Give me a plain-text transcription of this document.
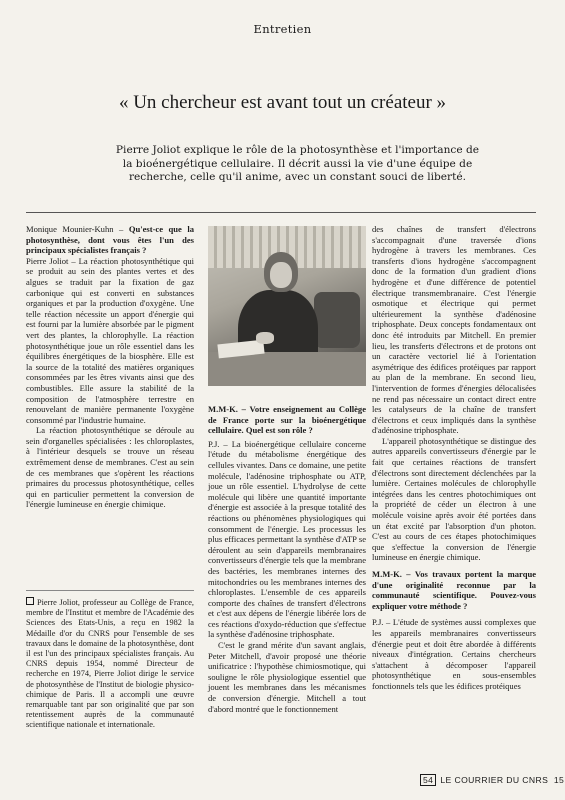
Entretien
« Un chercheur est avant tout un créateur »

Pierre Joliot explique le rôle de la photosynthèse et l'importance de la bioénergétique cellulaire. Il décrit aussi la vie d'une équipe de recherche, celle qu'il anime, avec un constant souci de liberté.

Monique Mounier-Kuhn – Qu'est-ce que la photosynthèse, dont vous êtes l'un des principaux spécialistes français ?

Pierre Joliot – La réaction photosynthétique qui se produit au sein des plantes vertes et des algues se traduit par la fixation de gaz carbonique qui est converti en substances organiques et par la production d'oxygène. Une telle réaction nécessite un apport d'énergie qui est fourni par la lumière absorbée par le pigment vert des plantes, la chlorophylle. La réaction photosynthétique joue un rôle essentiel dans les équilibres énergétiques de la biosphère. Elle est la source de la totalité des matières organiques consommées par les êtres vivants ainsi que des combustibles. Elle assure la stabilité de la composition de l'atmosphère terrestre en renouvelant de manière permanente l'oxygène consommé par l'industrie humaine.

La réaction photosynthétique se déroule au sein d'organelles spécialisées : les chloroplastes, à l'intérieur desquels se trouve un réseau extrêmement dense de membranes. C'est au sein de ces membranes que s'opèrent les réactions primaires du processus photosynthétique, celles qui en particulier permettent la conversion de l'énergie lumineuse en énergie chimique.

Pierre Joliot, professeur au Collège de France, membre de l'Institut et membre de l'Académie des Sciences des Etats-Unis, a reçu en 1982 la Médaille d'or du CNRS pour l'ensemble de ses travaux dans le domaine de la photosynthèse, dont il est l'un des principaux spécialistes français. Au CNRS depuis 1954, nommé Directeur de recherche en 1974, Pierre Joliot dirige le service de photosynthèse de l'Institut de biologie physico-chimique de Paris. Il a accompli une œuvre remarquable tant par son originalité que par son retentissement auprès de la communauté scientifique nationale et internationale.

M.M-K. – Votre enseignement au Collège de France porte sur la bioénergétique cellulaire. Quel est son rôle ?

P.J. – La bioénergétique cellulaire concerne l'étude du métabolisme énergétique des cellules vivantes. Dans ce domaine, une petite molécule, l'adénosine triphosphate ou ATP, joue un rôle essentiel. L'hydrolyse de cette molécule qui libère une quantité importante d'énergie est associée à la presque totalité des réactions ou phénomènes physiologiques qui consomment de l'énergie. Les processus les plus efficaces permettant la synthèse d'ATP se déroulent au sein d'appareils membranaires convertisseurs d'énergie tels que la membrane des bactéries, les membranes internes des mitochondries ou les membranes internes des chloroplastes. L'ensemble de ces appareils comporte des chaînes de transfert d'électrons et c'est aux dépens de l'énergie libérée lors de ces réactions d'oxydo-réduction que s'effectue la synthèse d'adénosine triphosphate.

C'est le grand mérite d'un savant anglais, Peter Mitchell, d'avoir proposé une théorie unificatrice : l'hypothèse chimiosmotique, qui souligne le rôle physiologique essentiel que jouent les membranes dans les mécanismes de conversion d'énergie. Mitchell a tout d'abord montré que le fonctionnement

des chaînes de transfert d'électrons s'accompagnait d'une traversée d'ions hydrogène à travers les membranes. Ces transferts d'ions hydrogène s'accompagnent donc de la formation d'un gradient d'ions hydrogène et d'une différence de potentiel électrique transmembranaire. C'est l'énergie osmotique et électrique qui permet ultérieurement la synthèse d'adénosine triphosphate. Deux concepts fondamentaux ont donc été introduits par Mitchell. En premier lieu, les transferts d'électrons et de protons ont un caractère vectoriel lié à l'orientation asymétrique des édifices protéiques par rapport au plan de la membrane. En second lieu, l'intervention de formes d'énergies délocalisées ne rend pas nécessaire un contact direct entre les catalyseurs de la chaîne de transfert d'électrons et ceux impliqués dans la synthèse d'adénosine triphosphate.

L'appareil photosynthétique se distingue des autres appareils convertisseurs d'énergie par le fait que certaines réactions de transfert d'électrons sont directement déclenchées par la lumière. Certaines molécules de chlorophylle intégrées dans les centres photochimiques ont la propriété de céder un électron à une molécule voisine après avoir été portées dans un état excité par l'absorption d'un photon. C'est au cours de ces étapes photochimiques que s'effectue la conversion de l'énergie lumineuse en énergie chimique.

M.M-K. – Vos travaux portent la marque d'une originalité reconnue par la communauté scientifique. Pouvez-vous expliquer votre méthode ?

P.J. – L'étude de systèmes aussi complexes que les appareils membranaires convertisseurs d'énergie peut et doit être abordée à différents niveaux d'intégration. Certains chercheurs s'attachent à décomposer l'appareil photosynthétique en sous-ensembles fonctionnels tels que les édifices protéiques

54 LE COURRIER DU CNRS 15
